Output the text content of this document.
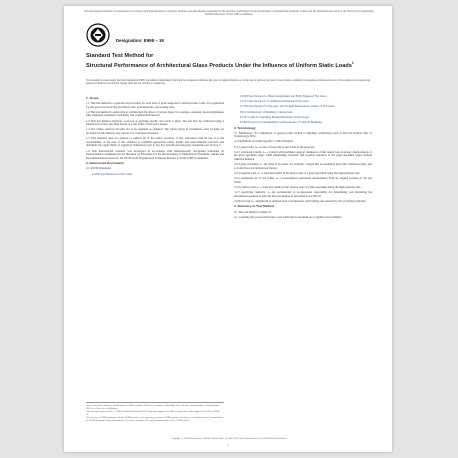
This international standard was developed in accordance with internationally recognized principles on standardization established in the Decision on Principles for the Development of International Standards, Guides and Recommendations issued by the World Trade Organization Technical Barriers to Trade (TBT) Committee.
Designation: E998 – 19
Standard Test Method for
Structural Performance of Architectural Glass Products Under the Influence of Uniform Static Loads$^1$
This standard is issued under the fixed designation E998; the number immediately following the designation indicates the year of original adoption or, in the case of revision, the year of last revision. A number in parentheses indicates the year of last reapproval. A superscript epsilon (ε) indicates an editorial change since the last revision or reapproval.
1. Scope
1.1 This test method is a general test procedure for load tests of glass subjected to uniform static loads. It is applicable for test protocols involving specified loads, load durations, and loading rates.
1.2 This test method is applicable to architectural flat glass of various types: for example, annealed, heat-strengthened, fully tempered, laminated, insulating, and combinations thereof.
1.3 This test method describes a process of applying specific test loads to glass. The test may be conducted using a standard test frame specified herein or a test frame of the user's design.
1.4 The values stated in SI units are to be regarded as standard. The values given in parentheses after SI units are provided for information only and are not considered standard.
1.5 This standard does not purport to address all of the safety concerns, if any, associated with its use. It is the responsibility of the user of this standard to establish appropriate safety, health, and environmental practices and determine the applicability of regulatory limitations prior to use. For specific precautionary statements see Section 7.
1.6 This international standard was developed in accordance with internationally recognized principles on standardization established in the Decision on Principles for the Development of International Standards, Guides and Recommendations issued by the World Trade Organization Technical Barriers to Trade (TBT) Committee.
2. Referenced Documents
2.1 ASTM Standards:
C1036 Specification for Flat Glass
C1048 Specification for Heat-Strengthened and Fully Tempered Flat Glass
C1172 Specification for Laminated Architectural Flat Glass
C1376 Specification for Pyrolytic and Vacuum Deposition Coatings on Flat Glass
E631 Terminology of Building Constructions
E1257 Guide for Installing Bonded Resistance Strain Gages
E1300 Practice for Determining Load Resistance of Glass in Buildings
3. Terminology
3.1 Definitions—For definitions of general terms related to building construction used in this test method refer to Terminology E631.
3.2 Definitions of Terms Specific to This Standard:
3.2.1 aspect ratio, n—a ratio of long side to short side of the glass lite.
3.2.2 air-placed system, n—a system with perimeter support designed to limit lateral (out-of-plane) displacements of the glass specimen edges while minimizing rotational and in-plane restraints of the glass specimen edges without adhesive material.
3.2.3 glass specimen, n—the glass to be tested, for example, a single lite, an insulating glass unit, laminated glass, and so forth (does not include test frame).
3.2.4 negative load, n—a load that results in the indoor side of a glass specimen being the high-pressure side.
3.2.5 permanent set of test frame, n—a load-induced permanent displacement from an original position of the test frame.
3.2.6 positive load, n—a load that results in the outdoor side of a glass specimen being the high-pressure side.
3.2.7 specifying authority, n—the professional or professionals responsible for determining and furnishing the information required to perform this test method as described in Section 10.
3.2.8 test load, n—magnitude of uniform load, load duration, and loading rate selected by the specifying authority.
4. Summary of Test Method
4.1 This test method consists of:
4.1.1 Glazing the test specimen into a test frame that is mounted on or against a test chamber.
This test method is under the jurisdiction of ASTM Committee E06 on Performance of Buildings and is the direct responsibility of Subcommittee E06.51 on Glass Use in Buildings.
Current edition approved Dec. 1, 2019. Published December 2019. Originally approved in 1984. Last previous edition approved in 2012 as E998 – 12.
For referenced ASTM standards, visit the ASTM website, www.astm.org, or contact ASTM Customer Service at service@astm.org. For Annual Book of ASTM Standards volume information, refer to the standard's Document Summary page on the ASTM website.
Copyright © ASTM International, 100 Barr Harbor Drive, PO Box C700, West Conshohocken, PA 19428-2959. United States
1
